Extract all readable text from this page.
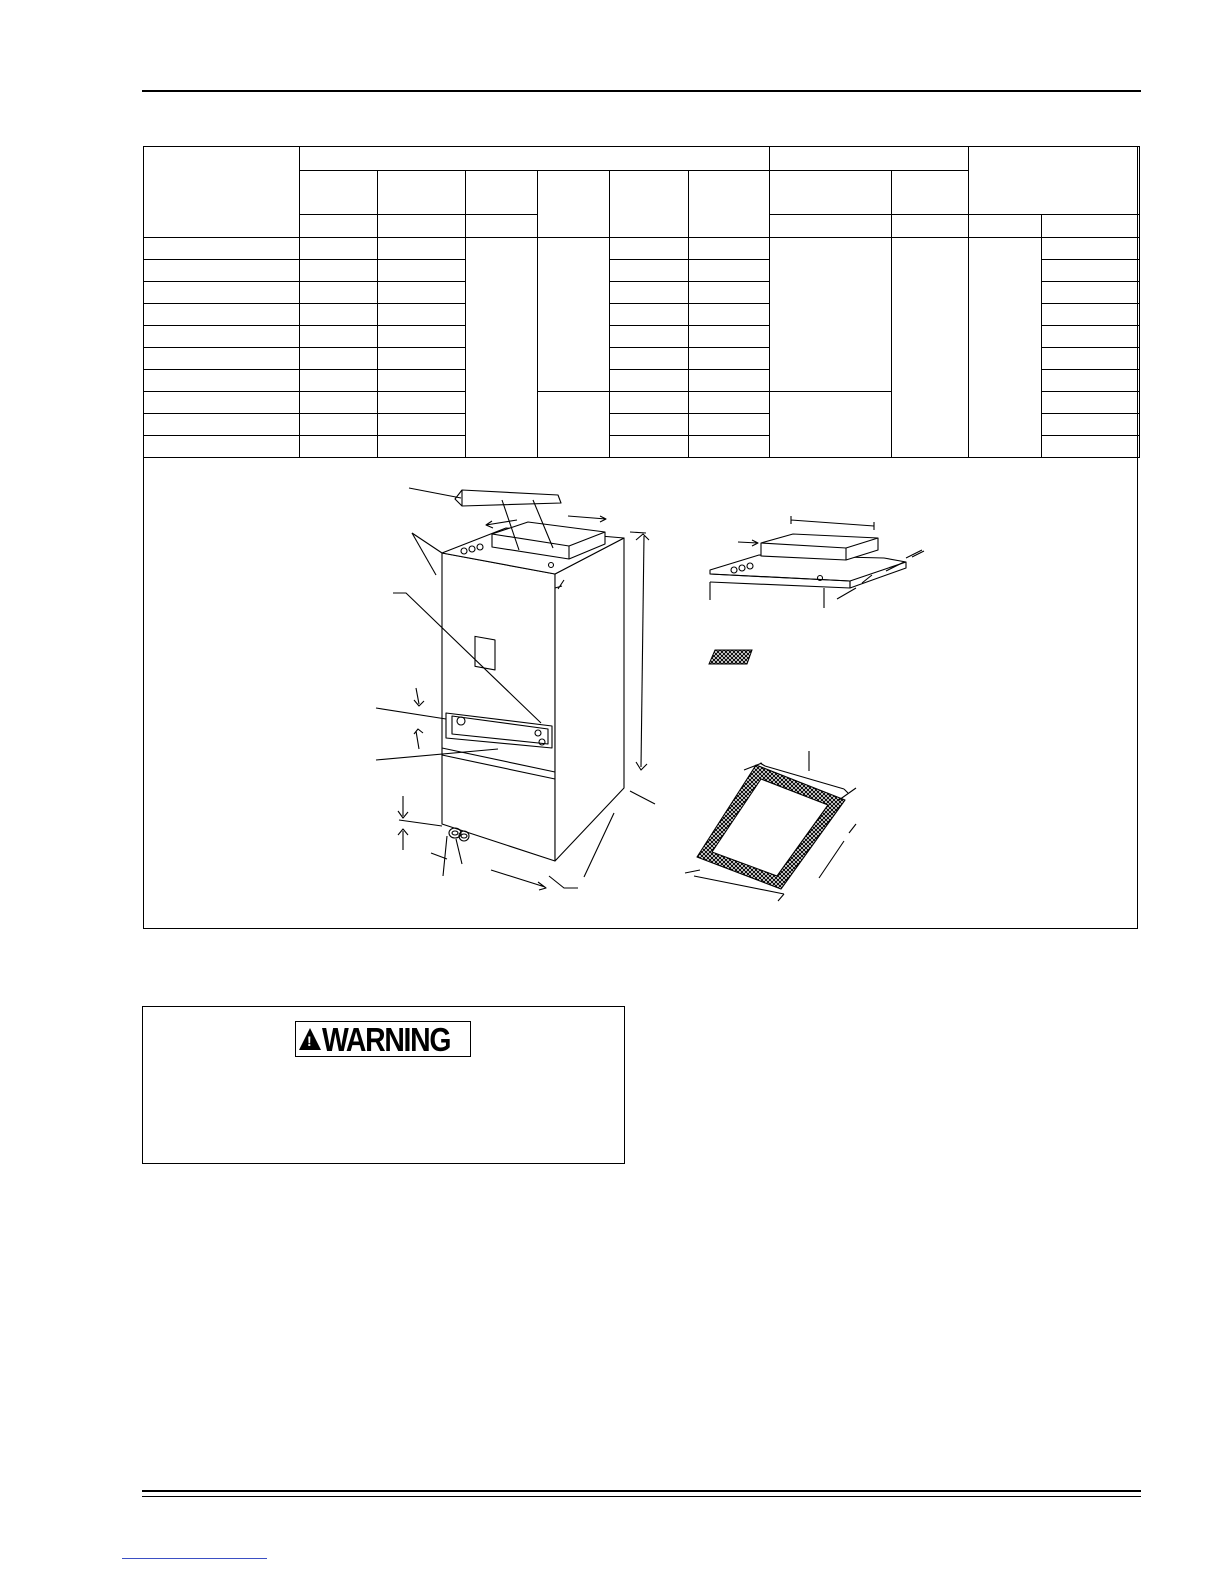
!
WARNING
